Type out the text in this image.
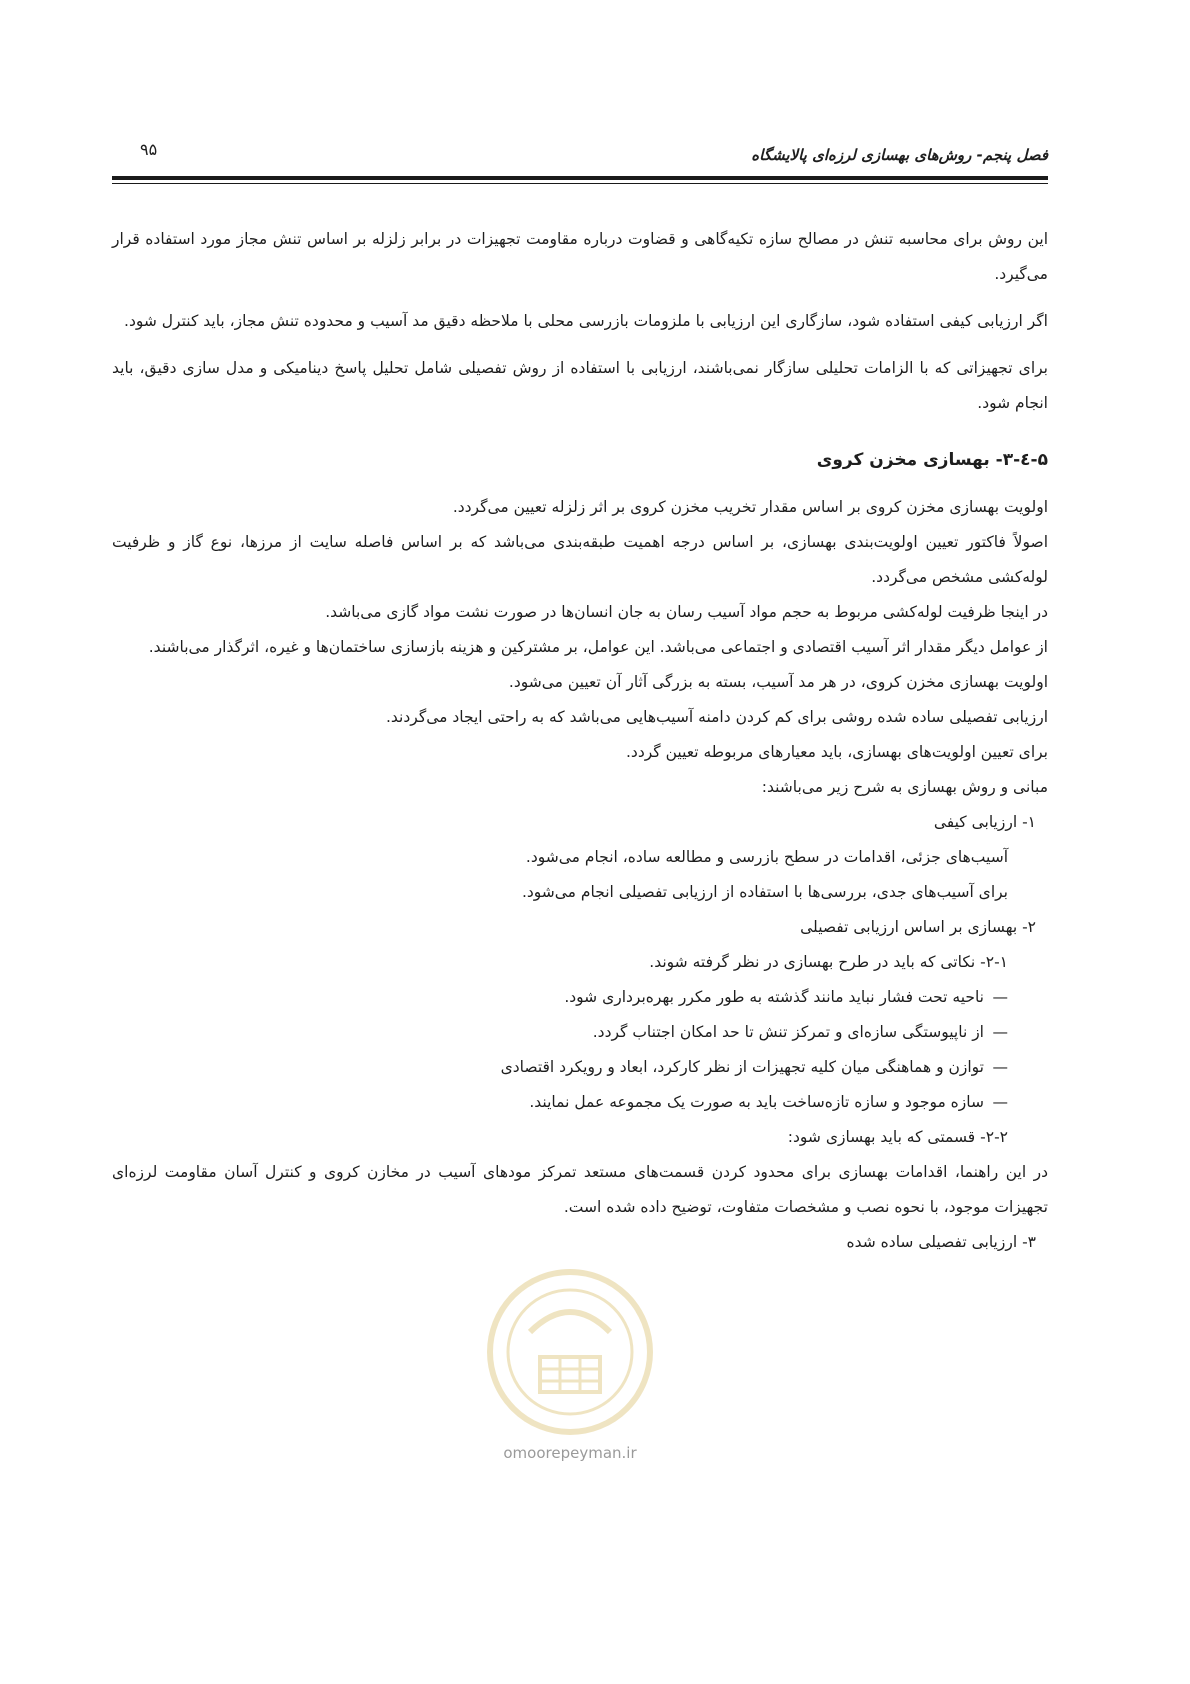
فصل پنجم- روش‌های بهسازی لرزه‌ای پالایشگاه
۹۵

این روش برای محاسبه تنش در مصالح سازه تکیه‌گاهی و قضاوت درباره مقاومت تجهیزات در برابر زلزله بر اساس تنش مجاز مورد استفاده قرار می‌گیرد.

اگر ارزیابی کیفی استفاده شود، سازگاری این ارزیابی با ملزومات بازرسی محلی با ملاحظه دقیق مد آسیب و محدوده تنش مجاز، باید کنترل شود.

برای تجهیزاتی که با الزامات تحلیلی سازگار نمی‌باشند، ارزیابی با استفاده از روش تفصیلی شامل تحلیل پاسخ دینامیکی و مدل سازی دقیق، باید انجام شود.

۵-٤-۳- بهسازی مخزن کروی

اولویت بهسازی مخزن کروی بر اساس مقدار تخریب مخزن کروی بر اثر زلزله تعیین می‌گردد.

اصولاً فاکتور تعیین اولویت‌بندی بهسازی، بر اساس درجه اهمیت طبقه‌بندی می‌باشد که بر اساس فاصله سایت از مرزها، نوع گاز و ظرفیت لوله‌کشی مشخص می‌گردد.

در اینجا ظرفیت لوله‌کشی مربوط به حجم مواد آسیب رسان به جان انسان‌ها در صورت نشت مواد گازی می‌باشد.

از عوامل دیگر مقدار اثر آسیب اقتصادی و اجتماعی می‌باشد. این عوامل، بر مشترکین و هزینه بازسازی ساختمان‌ها و غیره، اثرگذار می‌باشند.

اولویت بهسازی مخزن کروی، در هر مد آسیب، بسته به بزرگی آثار آن تعیین می‌شود.

ارزیابی تفصیلی ساده شده روشی برای کم کردن دامنه آسیب‌هایی می‌باشد که به راحتی ایجاد می‌گردند.

برای تعیین اولویت‌های بهسازی، باید معیارهای مربوطه تعیین گردد.

مبانی و روش بهسازی به شرح زیر می‌باشند:

۱- ارزیابی کیفی

آسیب‌های جزئی، اقدامات در سطح بازرسی و مطالعه ساده، انجام می‌شود.

برای آسیب‌های جدی، بررسی‌ها با استفاده از ارزیابی تفصیلی انجام می‌شود.

۲- بهسازی بر اساس ارزیابی تفصیلی

۲-۱- نکاتی که باید در طرح بهسازی در نظر گرفته شوند.

—
ناحیه تحت فشار نباید مانند گذشته به طور مکرر بهره‌برداری شود.

—
از ناپیوستگی سازه‌ای و تمرکز تنش تا حد امکان اجتناب گردد.

—
توازن و هماهنگی میان کلیه تجهیزات از نظر کارکرد، ابعاد و رویکرد اقتصادی

—
سازه موجود و سازه تازه‌ساخت باید به صورت یک مجموعه عمل نمایند.

۲-۲- قسمتی که باید بهسازی شود:

در این راهنما، اقدامات بهسازی برای محدود کردن قسمت‌های مستعد تمرکز مودهای آسیب در مخازن کروی و کنترل آسان مقاومت لرزه‌ای تجهیزات موجود، با نحوه نصب و مشخصات متفاوت، توضیح داده شده است.

۳- ارزیابی تفصیلی ساده شده

omoorepeyman.ir
